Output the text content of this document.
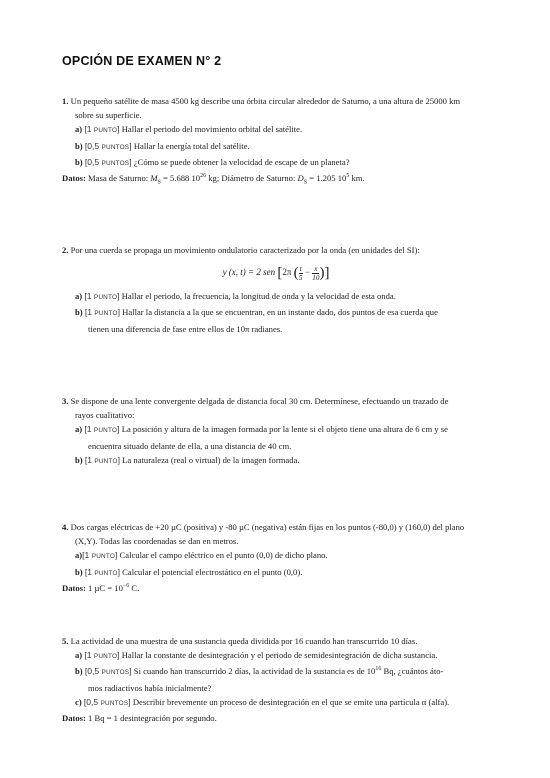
OPCIÓN DE EXAMEN N° 2

1. Un pequeño satélite de masa 4500 kg describe una órbita circular alrededor de Saturno, a una altura de 25000 km

sobre su superficie.

a) [1 PUNTO] Hallar el periodo del movimiento orbital del satélite.

b) [0,5 PUNTOS] Hallar la energía total del satélite.

b) [0,5 PUNTOS] ¿Cómo se puede obtener la velocidad de escape de un planeta?

Datos: Masa de Saturno: $M_S = 5.688$ $10^{26}$ kg; Diámetro de Saturno: $D_S = 1.205$ $10^5$ km.

2. Por una cuerda se propaga un movimiento ondulatorio caracterizado por la onda (en unidades del SI):

y (x, t) = 2 sen [2π ( $\frac{t}{5} - \frac{x}{10}$ )]

a) [1 PUNTO] Hallar el periodo, la frecuencia, la longitud de onda y la velocidad de esta onda.

b) [1 PUNTO] Hallar la distancia a la que se encuentran, en un instante dado, dos puntos de esa cuerda que

tienen una diferencia de fase entre ellos de 10π radianes.

3. Se dispone de una lente convergente delgada de distancia focal 30 cm. Determínese, efectuando un trazado de

rayos cualitativo:

a) [1 PUNTO] La posición y altura de la imagen formada por la lente si el objeto tiene una altura de 6 cm y se

encuentra situado delante de ella, a una distancia de 40 cm.

b) [1 PUNTO] La naturaleza (real o virtual) de la imagen formada.

4. Dos cargas eléctricas de +20 µC (positiva) y -80 µC (negativa) están fijas en los puntos (-80,0) y (160,0) del plano

(X,Y). Todas las coordenadas se dan en metros.

a)[1 PUNTO] Calcular el campo eléctrico en el punto (0,0) de dicho plano.

b) [1 PUNTO] Calcular el potencial electrostático en el punto (0,0).

Datos: 1 $\mu C = 10^{-6}$ C.

5. La actividad de una muestra de una sustancia queda dividida por 16 cuando han transcurrido 10 días.

a) [1 PUNTO] Hallar la constante de desintegración y el periodo de semidesintegración de dicha sustancia.

b) [0,5 PUNTOS] Si cuando han transcurrido 2 días, la actividad de la sustancia es de $10^{16}$ Bq, ¿cuántos áto-

mos radiactivos había inicialmente?

c) [0,5 PUNTOS] Describir brevemente un proceso de desintegración en el que se emite una partícula α (alfa).

Datos: 1 Bq = 1 desintegración por segundo.
